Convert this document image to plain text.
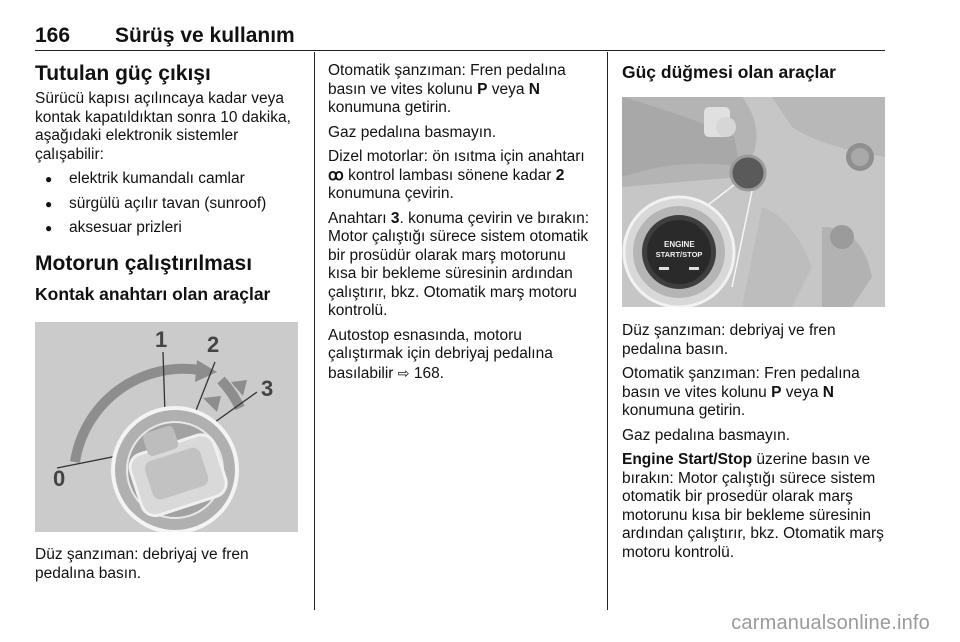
166 Sürüş ve kullanım
Tutulan güç çıkışı

Sürücü kapısı açılıncaya kadar veya kontak kapatıldıktan sonra 10 dakika, aşağıdaki elektronik sistemler çalışabilir:

● elektrik kumandalı camlar
● sürgülü açılır tavan (sunroof)
● aksesuar prizleri
Motorun çalıştırılması
Kontak anahtarı olan araçlar
1 2
3
0

Düz şanzıman: debriyaj ve fren pedalına basın.

Otomatik şanzıman: Fren pedalına basın ve vites kolunu P veya N konumuna getirin.

Gaz pedalına basmayın.

Dizel motorlar: ön ısıtma için anahtarı ꝏ kontrol lambası sönene kadar 2 konumuna çevirin.

Anahtarı 3. konuma çevirin ve bırakın: Motor çalıştığı sürece sistem otomatik bir prosüdür olarak marş motorunu kısa bir bekleme süresinin ardından çalıştırır, bkz. Otomatik marş motoru kontrolü.

Autostop esnasında, motoru çalıştırmak için debriyaj pedalına basılabilir ⇨ 168.

Güç düğmesi olan araçlar
ENGINE
START/STOP

Düz şanzıman: debriyaj ve fren pedalına basın.

Otomatik şanzıman: Fren pedalına basın ve vites kolunu P veya N konumuna getirin.

Gaz pedalına basmayın.

Engine Start/Stop üzerine basın ve bırakın: Motor çalıştığı sürece sistem otomatik bir prosedür olarak marş motorunu kısa bir bekleme süresinin ardından çalıştırır, bkz. Otomatik marş motoru kontrolü.

carmanualsonline.info
